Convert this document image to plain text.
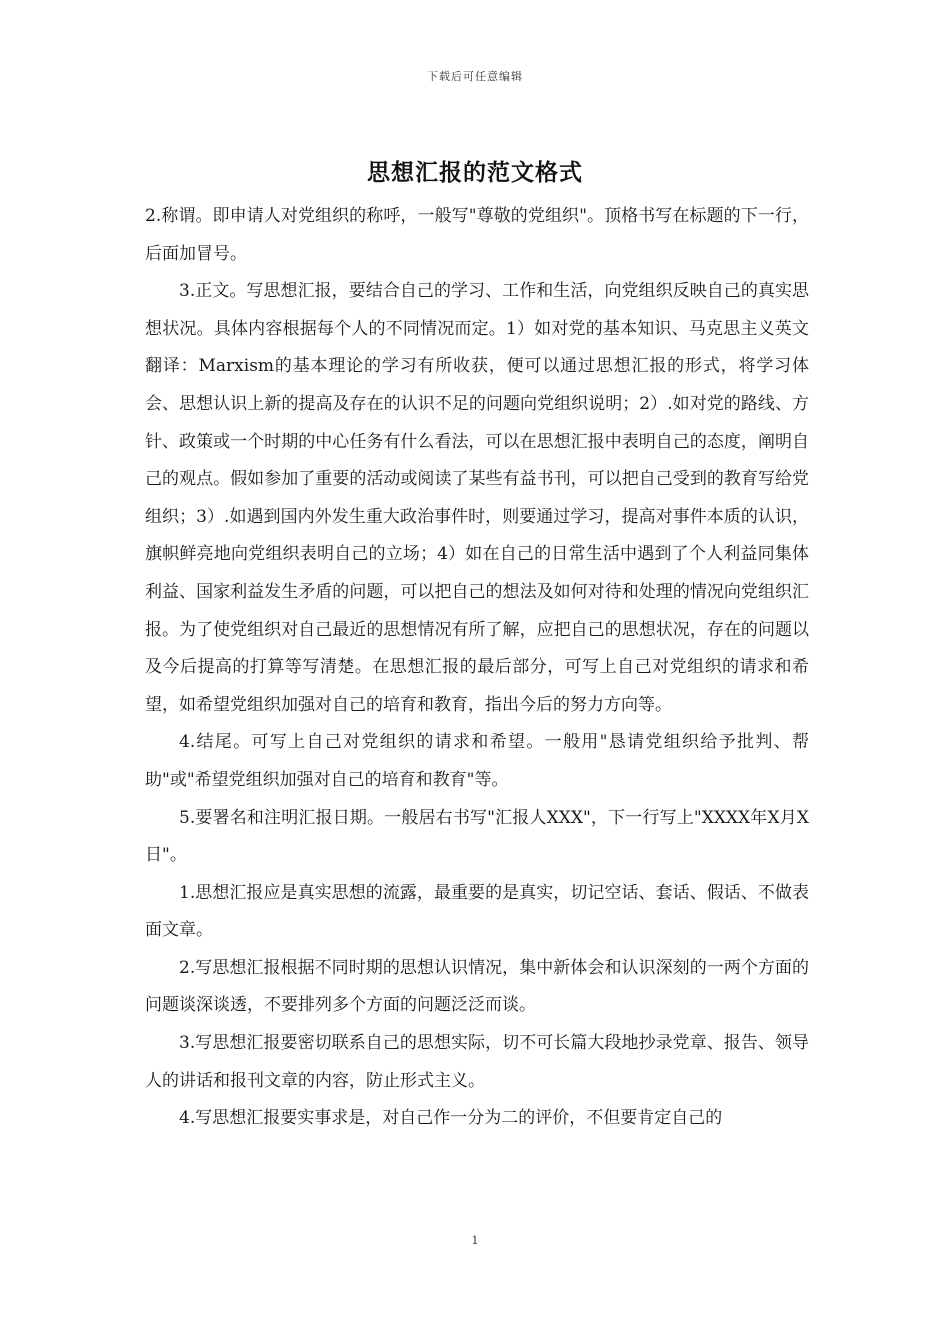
下载后可任意编辑
思想汇报的范文格式

2.称谓。即申请人对党组织的称呼，一般写"尊敬的党组织"。顶格书写在标题的下一行，后面加冒号。

3.正文。写思想汇报，要结合自己的学习、工作和生活，向党组织反映自己的真实思想状况。具体内容根据每个人的不同情况而定。1）如对党的基本知识、马克思主义英文翻译：Marxism的基本理论的学习有所收获，便可以通过思想汇报的形式，将学习体会、思想认识上新的提高及存在的认识不足的问题向党组织说明；2）.如对党的路线、方针、政策或一个时期的中心任务有什么看法，可以在思想汇报中表明自己的态度，阐明自己的观点。假如参加了重要的活动或阅读了某些有益书刊，可以把自己受到的教育写给党组织；3）.如遇到国内外发生重大政治事件时，则要通过学习，提高对事件本质的认识，旗帜鲜亮地向党组织表明自己的立场；4）如在自己的日常生活中遇到了个人利益同集体利益、国家利益发生矛盾的问题，可以把自己的想法及如何对待和处理的情况向党组织汇报。为了使党组织对自己最近的思想情况有所了解，应把自己的思想状况，存在的问题以及今后提高的打算等写清楚。在思想汇报的最后部分，可写上自己对党组织的请求和希望，如希望党组织加强对自己的培育和教育，指出今后的努力方向等。

4.结尾。可写上自己对党组织的请求和希望。一般用"恳请党组织给予批判、帮助"或"希望党组织加强对自己的培育和教育"等。

5.要署名和注明汇报日期。一般居右书写"汇报人XXX"，下一行写上"XXXX年X月X日"。

1.思想汇报应是真实思想的流露，最重要的是真实，切记空话、套话、假话、不做表面文章。

2.写思想汇报根据不同时期的思想认识情况，集中新体会和认识深刻的一两个方面的问题谈深谈透，不要排列多个方面的问题泛泛而谈。

3.写思想汇报要密切联系自己的思想实际，切不可长篇大段地抄录党章、报告、领导人的讲话和报刊文章的内容，防止形式主义。

4.写思想汇报要实事求是，对自己作一分为二的评价，不但要肯定自己的

1
